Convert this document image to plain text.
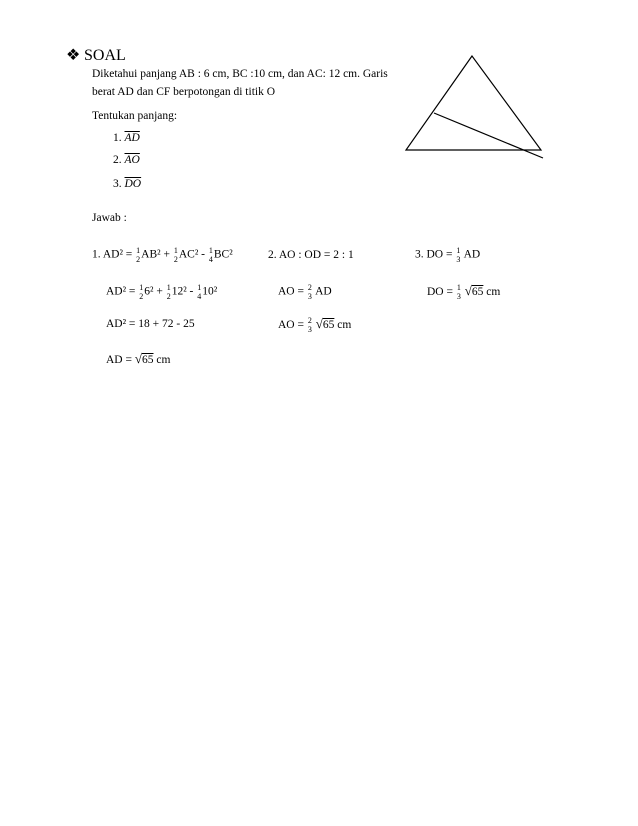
❖ SOAL
Diketahui panjang AB : 6 cm, BC :10 cm, dan AC: 12 cm. Garis
berat AD dan CF berpotongan di titik O
Tentukan panjang:
1. $\overline{AD}$
2. $\overline{AO}$
3. $\overline{DO}$
Jawab :
1. AD² = 1
2 AB² + 1
2 AC² - 1
4 BC²
AD² = 1
2 6² + 1
2 12² - 1
4 10²
AD² = 18 + 72 - 25
AD = √65 cm
2. AO : OD = 2 : 1
AO = 2
3 AD
AO = 2
3 √65 cm
3. DO = 1
3 AD
DO = 1
3 √65 cm
